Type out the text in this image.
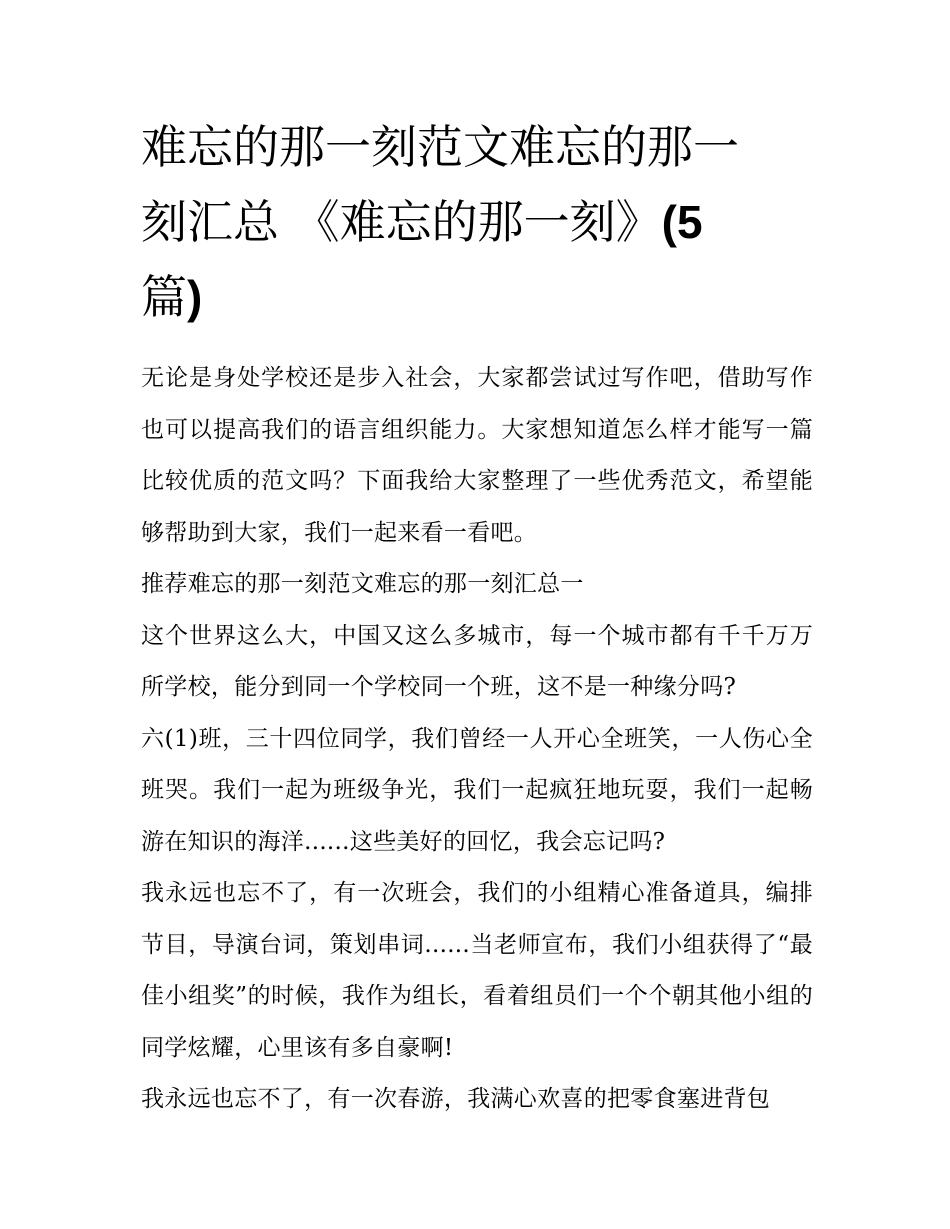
难忘的那一刻范文难忘的那一
刻汇总 《难忘的那一刻》(5
篇)

无论是身处学校还是步入社会，大家都尝试过写作吧，借助写作也可以提高我们的语言组织能力。大家想知道怎么样才能写一篇比较优质的范文吗？下面我给大家整理了一些优秀范文，希望能够帮助到大家，我们一起来看一看吧。

推荐难忘的那一刻范文难忘的那一刻汇总一

这个世界这么大，中国又这么多城市，每一个城市都有千千万万所学校，能分到同一个学校同一个班，这不是一种缘分吗?

六(1)班，三十四位同学，我们曾经一人开心全班笑，一人伤心全班哭。我们一起为班级争光，我们一起疯狂地玩耍，我们一起畅游在知识的海洋......这些美好的回忆，我会忘记吗?

我永远也忘不了，有一次班会，我们的小组精心准备道具，编排节目，导演台词，策划串词......当老师宣布，我们小组获得了“最佳小组奖”的时候，我作为组长，看着组员们一个个朝其他小组的同学炫耀，心里该有多自豪啊!

我永远也忘不了，有一次春游，我满心欢喜的把零食塞进背包
